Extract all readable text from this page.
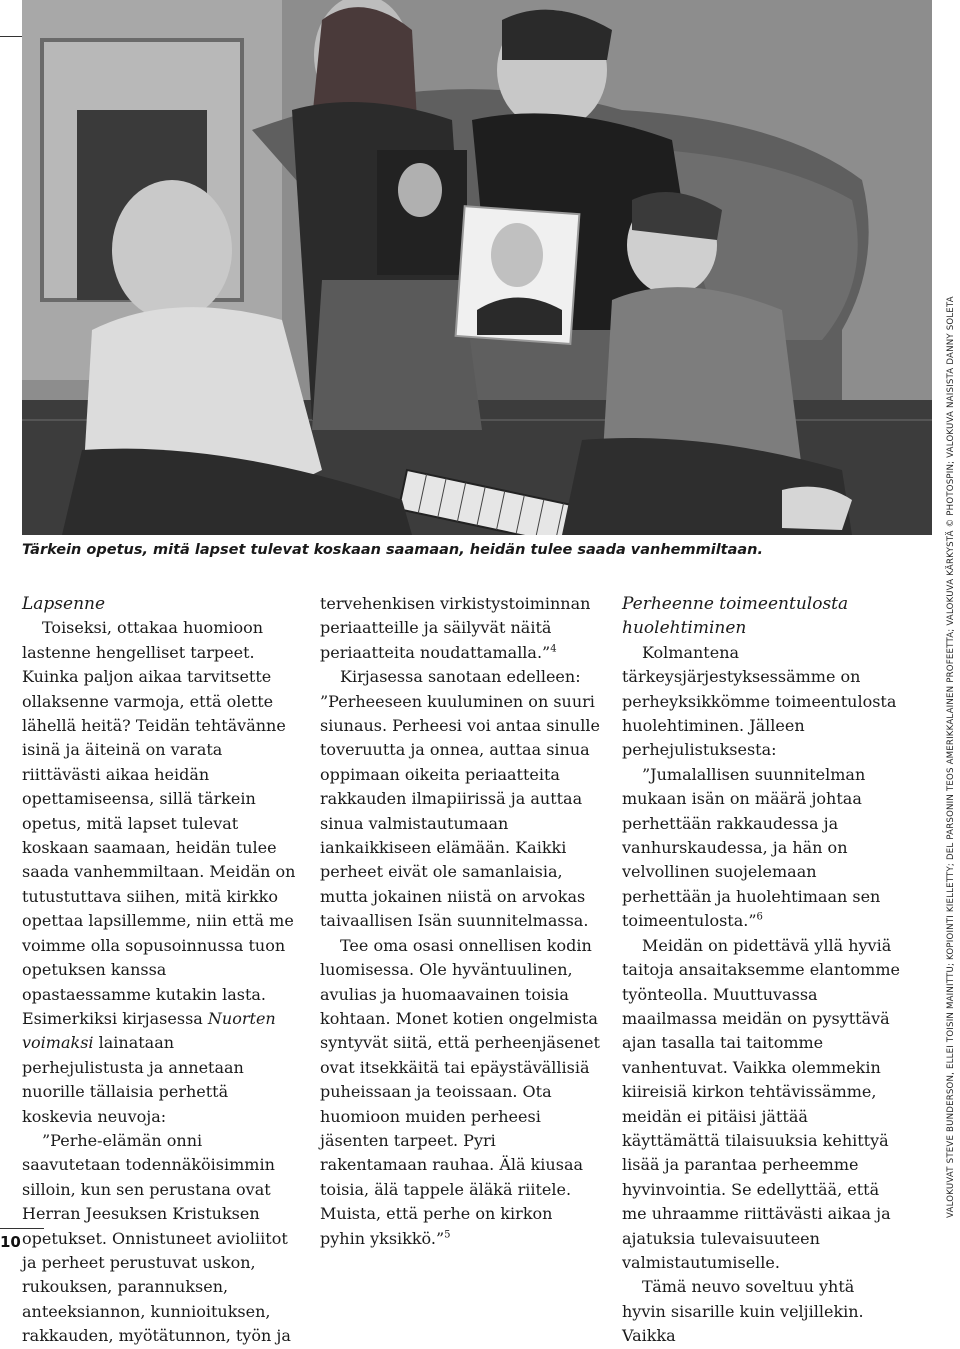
Tärkein opetus, mitä lapset tulevat koskaan saamaan, heidän tulee saada vanhemmiltaan.

Lapsenne

Toiseksi, ottakaa huomioon lastenne hengelliset tarpeet. Kuinka paljon aikaa tarvitsette ollaksenne varmoja, että olette lähellä heitä? Teidän tehtävänne isinä ja äiteinä on varata riittävästi aikaa heidän opettamiseensa, sillä tärkein opetus, mitä lapset tulevat koskaan saamaan, heidän tulee saada vanhemmiltaan. Meidän on tutustuttava siihen, mitä kirkko opettaa lapsillemme, niin että me voimme olla sopusoinnussa tuon opetuksen kanssa opastaessamme kutakin lasta. Esimerkiksi kirjasessa Nuorten voimaksi lainataan perhejulistusta ja annetaan nuorille tällaisia perhettä koskevia neuvoja:

”Perhe-elämän onni saavutetaan todennäköisimmin silloin, kun sen perustana ovat Herran Jeesuksen Kristuksen opetukset. Onnistuneet avioliitot ja perheet perustuvat uskon, rukouksen, parannuksen, anteeksiannon, kunnioituksen, rakkauden, myötätunnon, työn ja

tervehenkisen virkistystoiminnan periaatteille ja säilyvät näitä periaatteita noudattamalla.”$^4$

Kirjasessa sanotaan edelleen: ”Perheeseen kuuluminen on suuri siunaus. Perheesi voi antaa sinulle toveruutta ja onnea, auttaa sinua oppimaan oikeita periaatteita rakkauden ilmapiirissä ja auttaa sinua valmistautumaan iankaikkiseen elämään. Kaikki perheet eivät ole samanlaisia, mutta jokainen niistä on arvokas taivaallisen Isän suunnitelmassa.

Tee oma osasi onnellisen kodin luomisessa. Ole hyväntuulinen, avulias ja huomaavainen toisia kohtaan. Monet kotien ongelmista syntyvät siitä, että perheenjäsenet ovat itsekkäitä tai epäystävällisiä puheissaan ja teoissaan. Ota huomioon muiden perheesi jäsenten tarpeet. Pyri rakentamaan rauhaa. Älä kiusaa toisia, älä tappele äläkä riitele. Muista, että perhe on kirkon pyhin yksikkö.”$^5$

Perheenne toimeentulosta huolehtiminen

Kolmantena tärkeysjärjestyksessämme on perheyksikkömme toimeentulosta huolehtiminen. Jälleen perhejulistuksesta:

”Jumalallisen suunnitelman mukaan isän on määrä johtaa perhettään rakkaudessa ja vanhurskaudessa, ja hän on velvollinen suojelemaan perhettään ja huolehtimaan sen toimeentulosta.”$^6$

Meidän on pidettävä yllä hyviä taitoja ansaitaksemme elantomme työnteolla. Muuttuvassa maailmassa meidän on pysyttävä ajan tasalla tai taitomme vanhentuvat. Vaikka olemmekin kiireisiä kirkon tehtävissämme, meidän ei pitäisi jättää käyttämättä tilaisuuksia kehittyä lisää ja parantaa perheemme hyvinvointia. Se edellyttää, että me uhraamme riittävästi aikaa ja ajatuksia tulevaisuuteen valmistautumiselle.

Tämä neuvo soveltuu yhtä hyvin sisarille kuin veljillekin. Vaikka

VALOKUVAT STEVE BUNDERSON, ELLEI TOISIN MAINITTU; KOPIOINTI KIELLETTY; DEL PARSONIN TEOS AMERIKKALAINEN PROFEETTA; VALOKUVA KÄRKYSTÄ © PHOTOSPIN; VALOKUVA NAISISTA DANNY SOLETA
10
